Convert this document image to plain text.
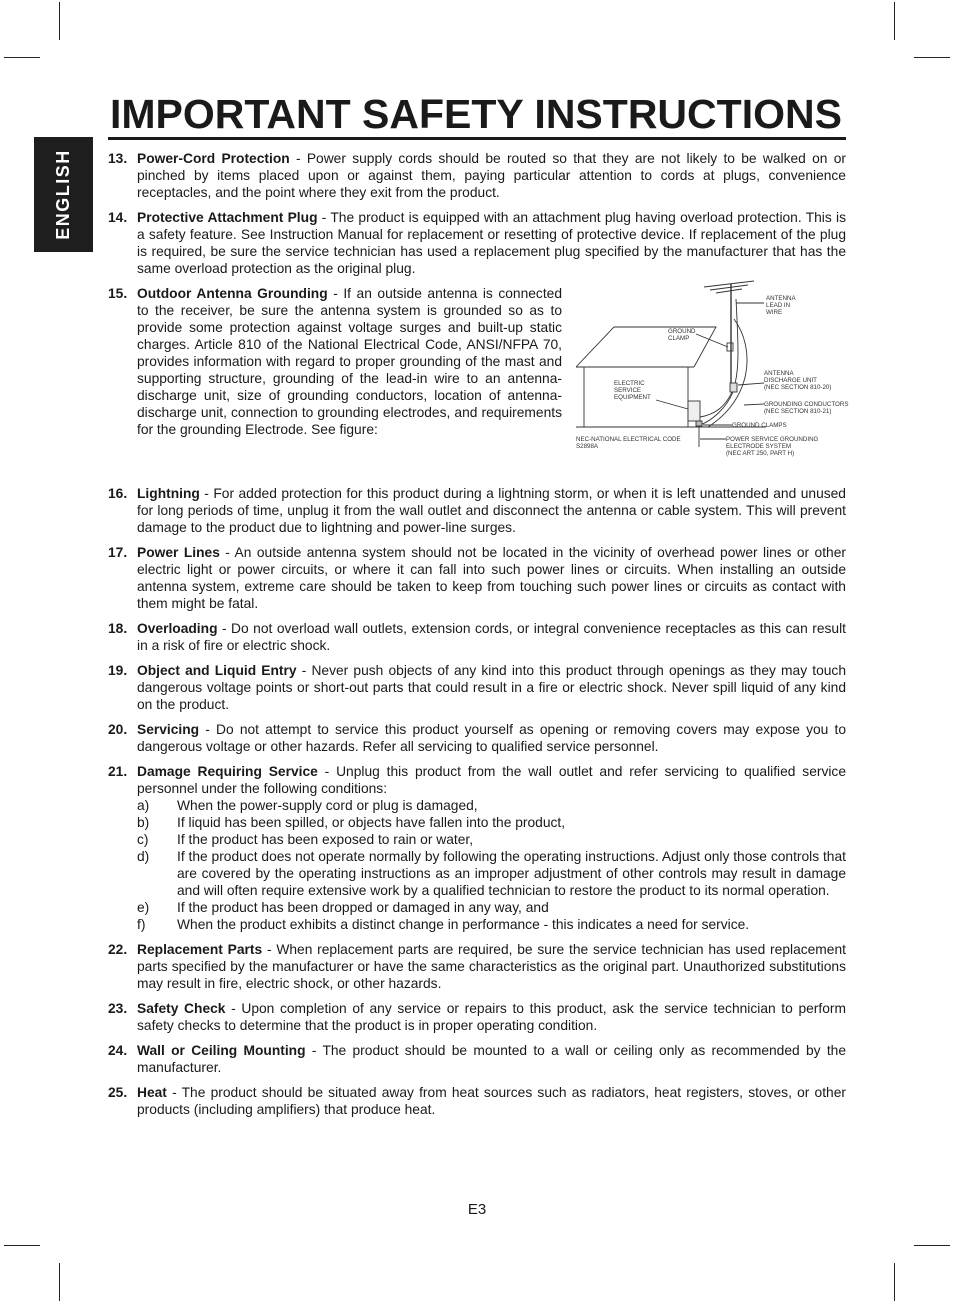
ENGLISH
IMPORTANT SAFETY INSTRUCTIONS
13. Power-Cord Protection - Power supply cords should be routed so that they are not likely to be walked on or pinched by items placed upon or against them, paying particular attention to cords at plugs, convenience receptacles, and the point where they exit from the product.
14. Protective Attachment Plug - The product is equipped with an attachment plug having overload protection. This is a safety feature. See Instruction Manual for replacement or resetting of protective device. If replacement of the plug is required, be sure the service technician has used a replacement plug specified by the manufacturer that has the same overload protection as the original plug.
15. Outdoor Antenna Grounding - If an outside antenna is connected to the receiver, be sure the antenna system is grounded so as to provide some protection against voltage surges and built-up static charges. Article 810 of the National Electrical Code, ANSI/NFPA 70, provides information with regard to proper grounding of the mast and supporting structure, grounding of the lead-in wire to an antenna-discharge unit, size of grounding conductors, location of antenna-discharge unit, connection to grounding electrodes, and requirements for the grounding Electrode. See figure:
ANTENNA
LEAD IN
WIRE
GROUND
CLAMP
ANTENNA
DISCHARGE UNIT
(NEC SECTION 810-20)
ELECTRIC
SERVICE
EQUIPMENT
GROUNDING CONDUCTORS
(NEC SECTION 810-21)
GROUND CLAMPS
NEC-NATIONAL ELECTRICAL CODE
S2898A
POWER SERVICE GROUNDING
ELECTRODE SYSTEM
(NEC ART 250, PART H)
16. Lightning - For added protection for this product during a lightning storm, or when it is left unattended and unused for long periods of time, unplug it from the wall outlet and disconnect the antenna or cable system. This will prevent damage to the product due to lightning and power-line surges.
17. Power Lines - An outside antenna system should not be located in the vicinity of overhead power lines or other electric light or power circuits, or where it can fall into such power lines or circuits. When installing an outside antenna system, extreme care should be taken to keep from touching such power lines or circuits as contact with them might be fatal.
18. Overloading - Do not overload wall outlets, extension cords, or integral convenience receptacles as this can result in a risk of fire or electric shock.
19. Object and Liquid Entry - Never push objects of any kind into this product through openings as they may touch dangerous voltage points or short-out parts that could result in a fire or electric shock. Never spill liquid of any kind on the product.
20. Servicing - Do not attempt to service this product yourself as opening or removing covers may expose you to dangerous voltage or other hazards. Refer all servicing to qualified service personnel.
21. Damage Requiring Service - Unplug this product from the wall outlet and refer servicing to qualified service personnel under the following conditions:
a) When the power-supply cord or plug is damaged,
b) If liquid has been spilled, or objects have fallen into the product,
c) If the product has been exposed to rain or water,
d) If the product does not operate normally by following the operating instructions. Adjust only those controls that are covered by the operating instructions as an improper adjustment of other controls may result in damage and will often require extensive work by a qualified technician to restore the product to its normal operation.
e) If the product has been dropped or damaged in any way, and
f) When the product exhibits a distinct change in performance - this indicates a need for service.
22. Replacement Parts - When replacement parts are required, be sure the service technician has used replacement parts specified by the manufacturer or have the same characteristics as the original part. Unauthorized substitutions may result in fire, electric shock, or other hazards.
23. Safety Check - Upon completion of any service or repairs to this product, ask the service technician to perform safety checks to determine that the product is in proper operating condition.
24. Wall or Ceiling Mounting - The product should be mounted to a wall or ceiling only as recommended by the manufacturer.
25. Heat - The product should be situated away from heat sources such as radiators, heat registers, stoves, or other products (including amplifiers) that produce heat.
E3
